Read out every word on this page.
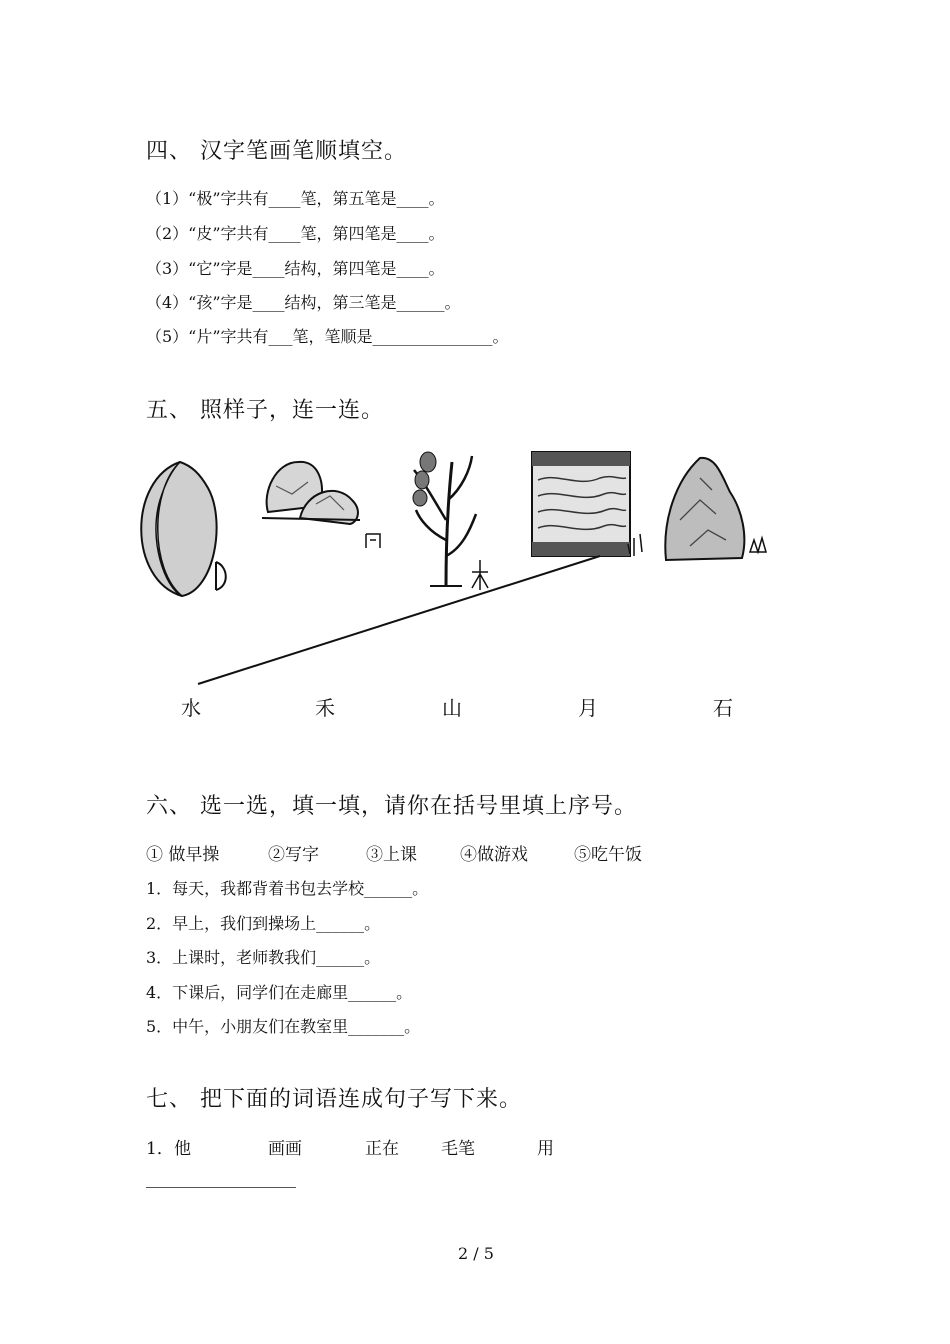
四、 汉字笔画笔顺填空。
（1）“极”字共有____笔，第五笔是____。
（2）“皮”字共有____笔，第四笔是____。
（3）“它”字是____结构，第四笔是____。
（4）“孩”字是____结构，第三笔是______。
（5）“片”字共有___笔，笔顺是_______________。
五、 照样子，连一连。
水	禾	山	月	石
六、 选一选，填一填，请你在括号里填上序号。
① 做早操	②写字	③上课	④做游戏	⑤吃午饭
1．每天，我都背着书包去学校______。
2．早上，我们到操场上______。
3．上课时，老师教我们______。
4．下课后，同学们在走廊里______。
5．中午，小朋友们在教室里_______。
七、 把下面的词语连成句子写下来。
1． 他	画画	正在 毛笔	用
2 / 5
